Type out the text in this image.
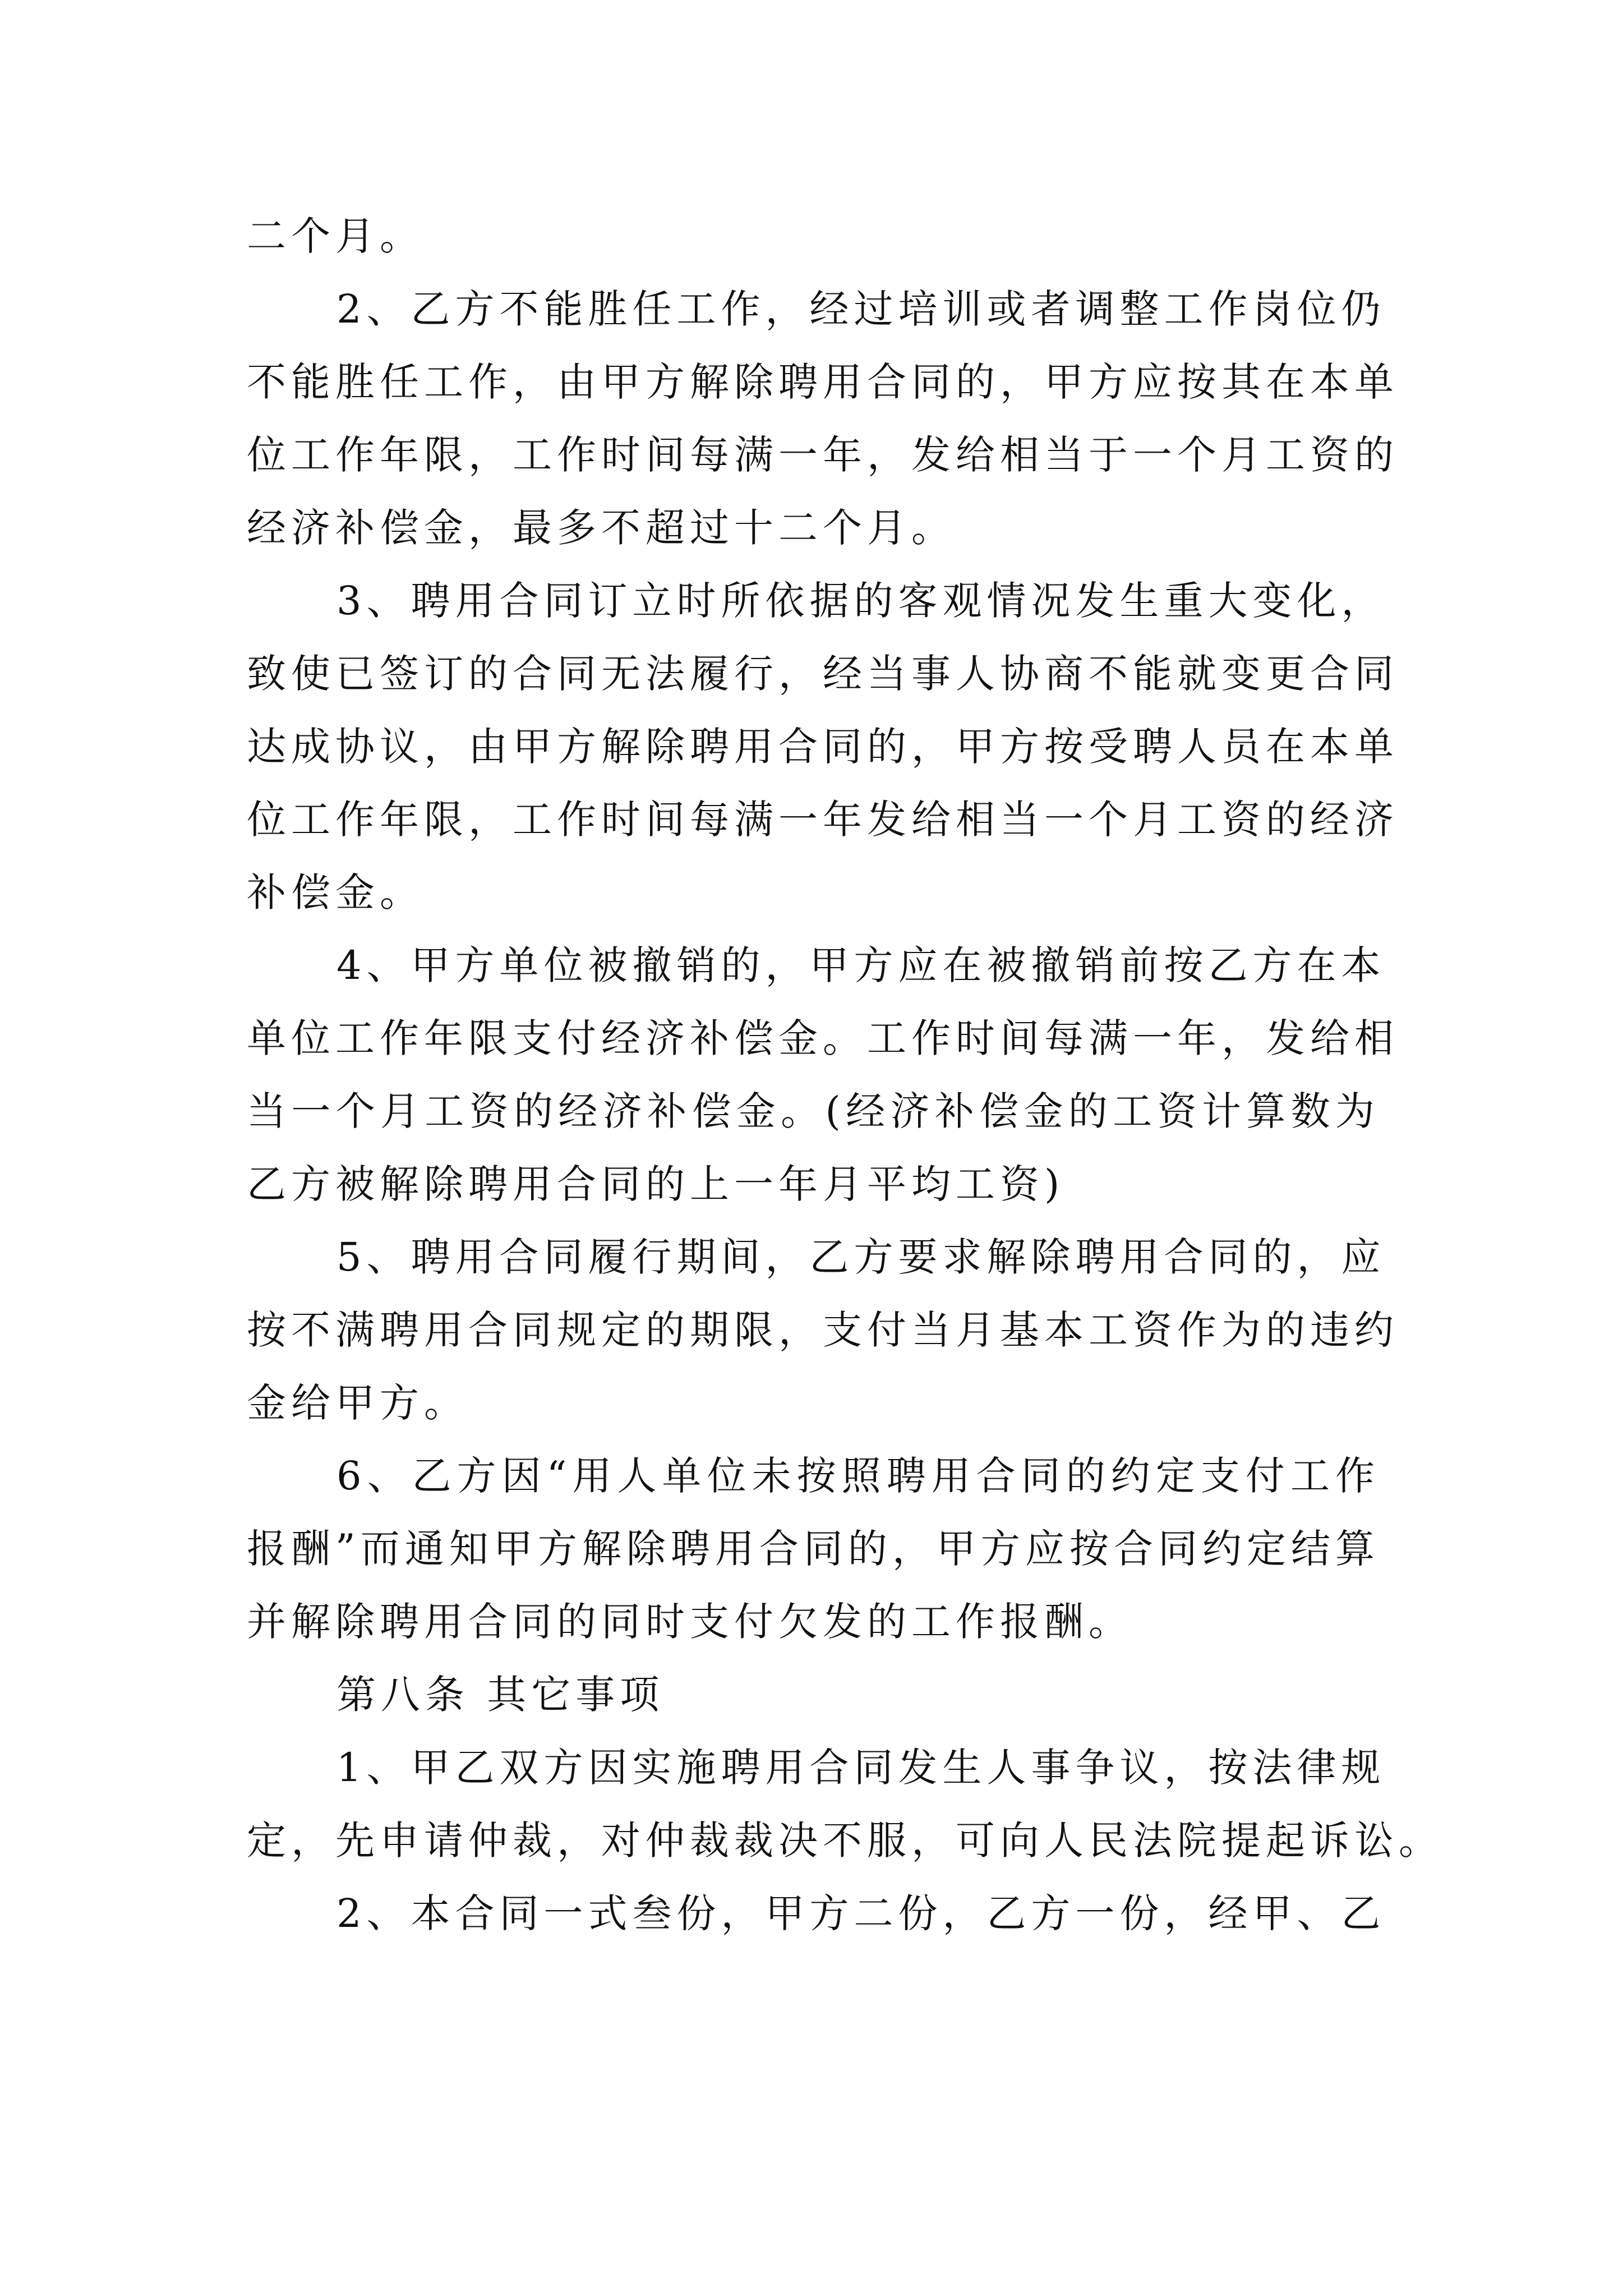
二个月。
2、乙方不能胜任工作，经过培训或者调整工作岗位仍
不能胜任工作，由甲方解除聘用合同的，甲方应按其在本单
位工作年限，工作时间每满一年，发给相当于一个月工资的
经济补偿金，最多不超过十二个月。
3、聘用合同订立时所依据的客观情况发生重大变化，
致使已签订的合同无法履行，经当事人协商不能就变更合同
达成协议，由甲方解除聘用合同的，甲方按受聘人员在本单
位工作年限，工作时间每满一年发给相当一个月工资的经济
补偿金。
4、甲方单位被撤销的，甲方应在被撤销前按乙方在本
单位工作年限支付经济补偿金。工作时间每满一年，发给相
当一个月工资的经济补偿金。(经济补偿金的工资计算数为
乙方被解除聘用合同的上一年月平均工资)
5、聘用合同履行期间，乙方要求解除聘用合同的，应
按不满聘用合同规定的期限，支付当月基本工资作为的违约
金给甲方。
6、乙方因“用人单位未按照聘用合同的约定支付工作
报酬”而通知甲方解除聘用合同的，甲方应按合同约定结算
并解除聘用合同的同时支付欠发的工作报酬。
第八条 其它事项
1、甲乙双方因实施聘用合同发生人事争议，按法律规
定，先申请仲裁，对仲裁裁决不服，可向人民法院提起诉讼。
2、本合同一式叁份，甲方二份，乙方一份，经甲、乙
